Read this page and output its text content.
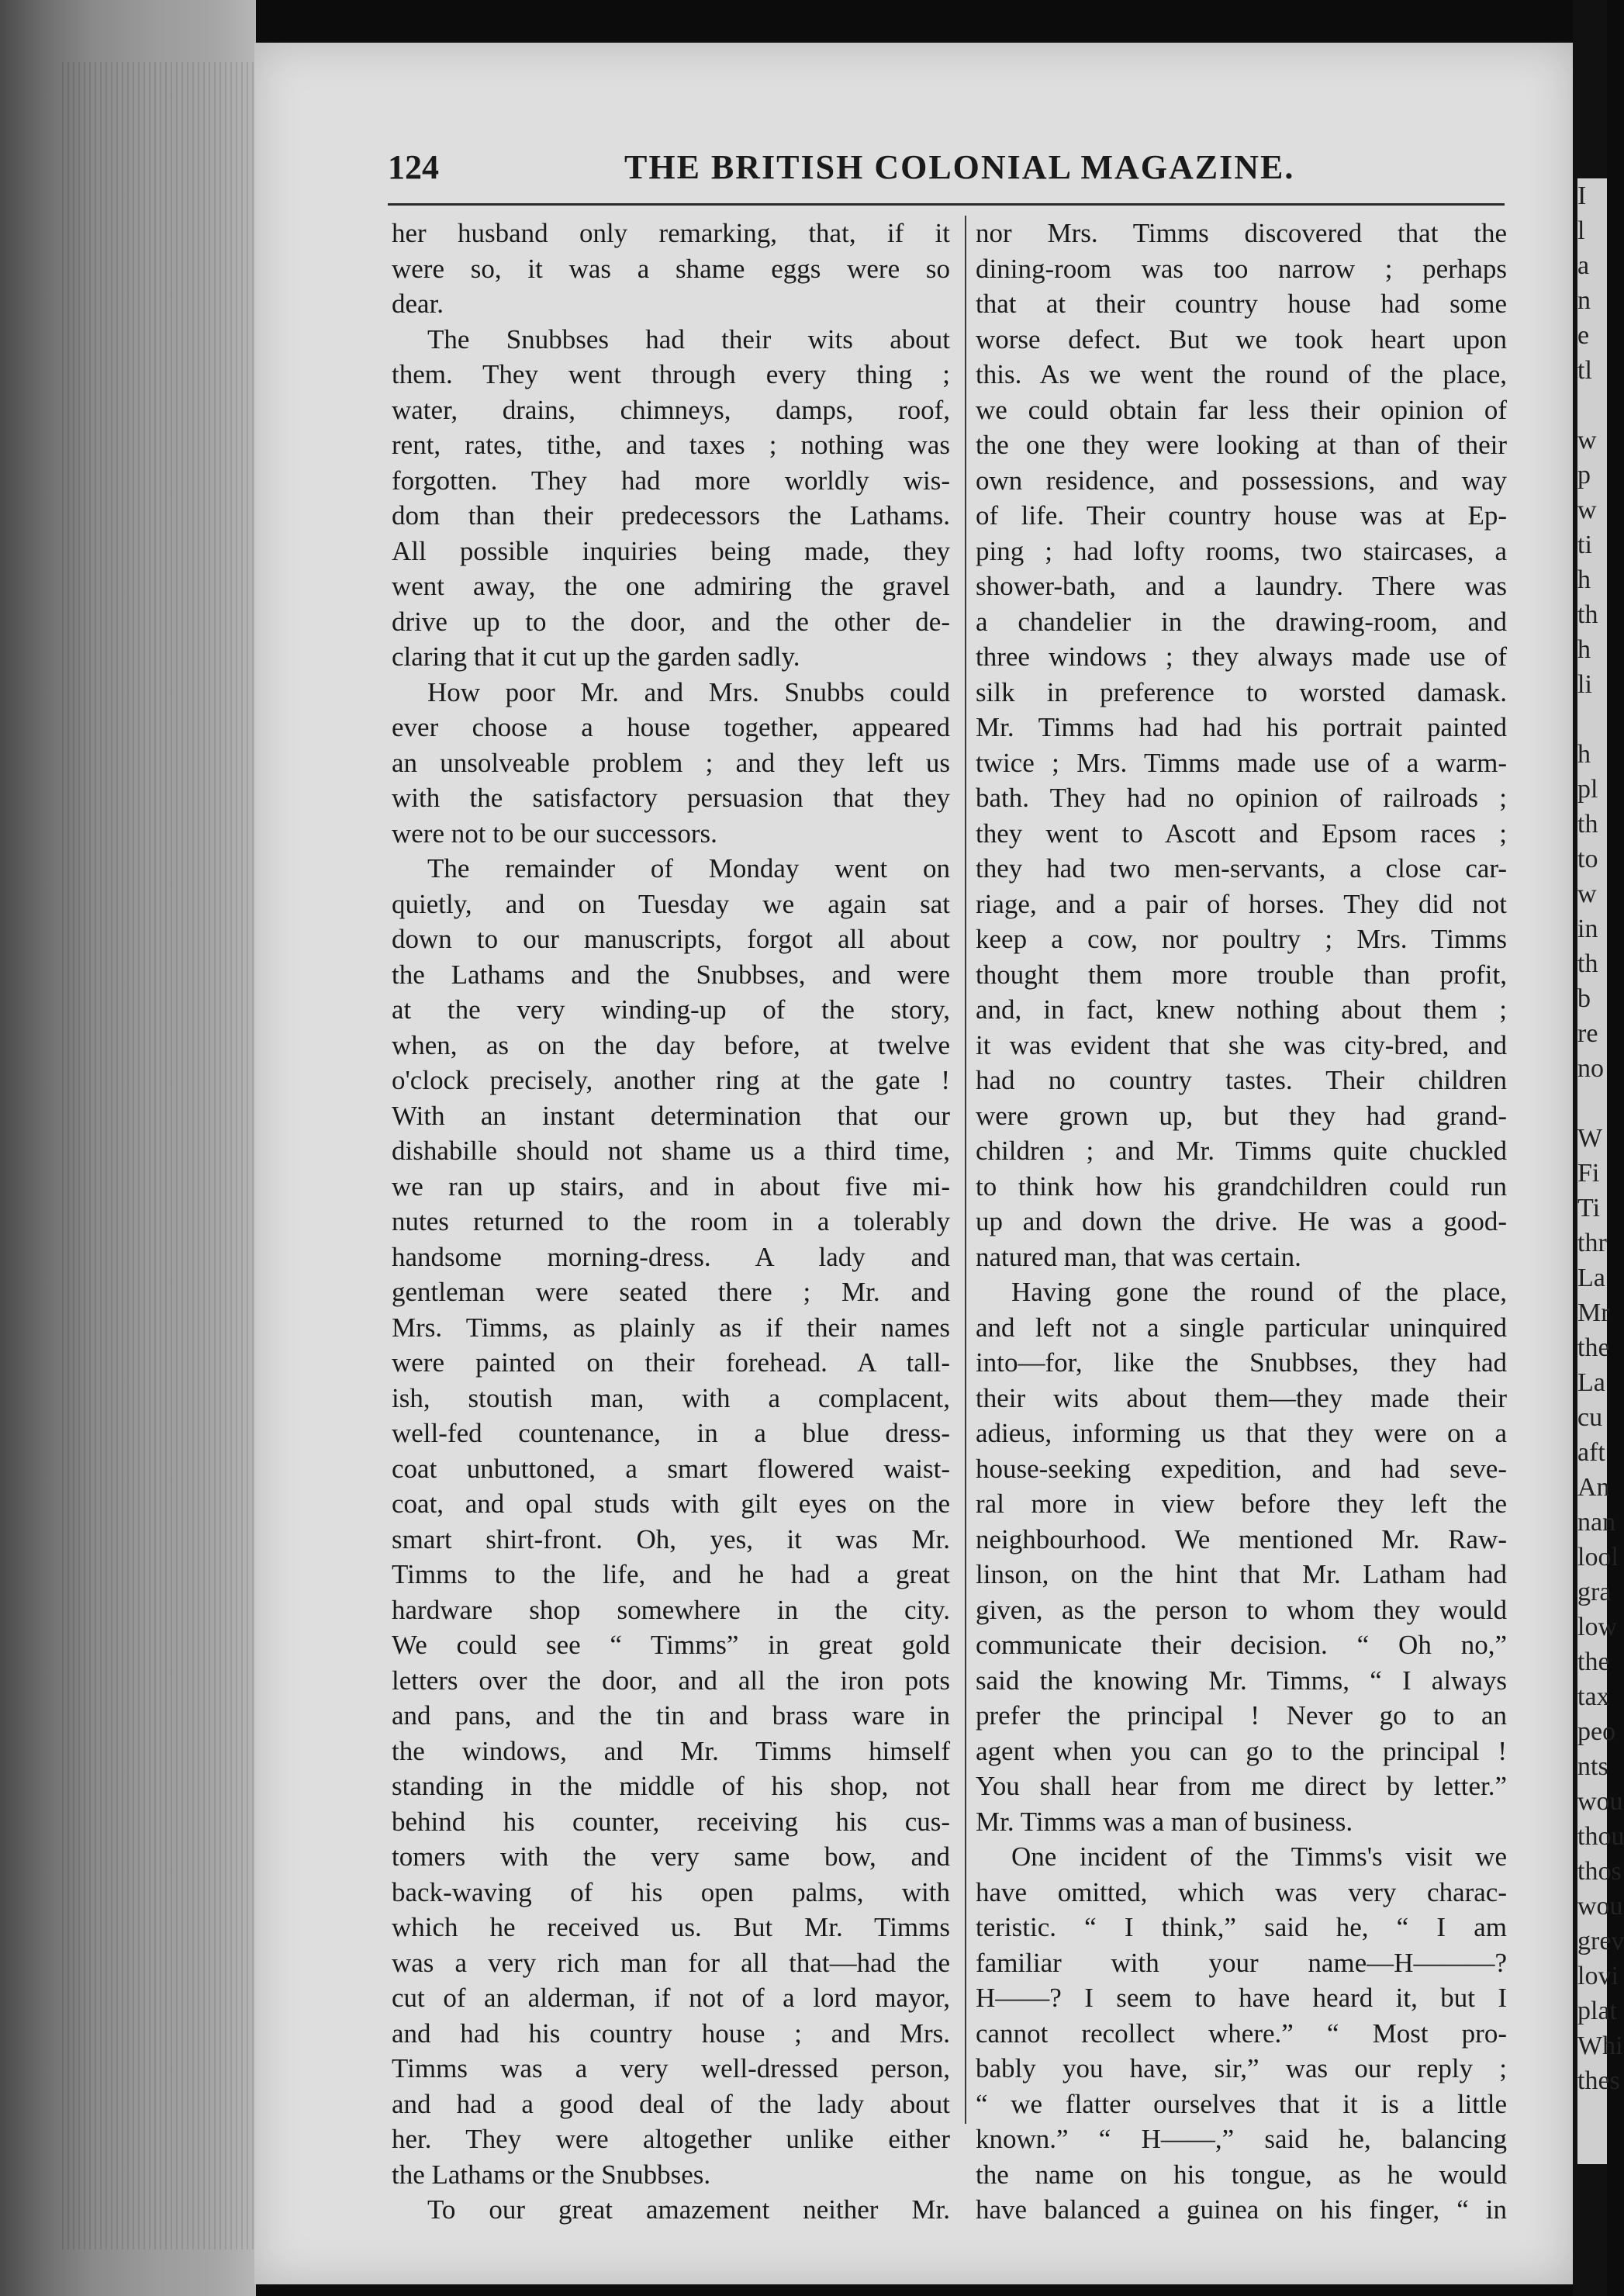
I
l
a
n
e
tl
w
p
w
ti
h
th
h
li
h
pl
th
to
w
in
th
b
re
no
W
Fi
Ti
thr
La
Mr
the
La
cu
aft
An
nan
lool
gra
low
the
tax
peo
nts
wou
thou
thos
wou
grev
lovi
plat
Whi
thes
124	THE BRITISH COLONIAL MAGAZINE.
her husband only remarking, that, if it
were so, it was a shame eggs were so
dear.
The Snubbses had their wits about
them. They went through every thing ;
water, drains, chimneys, damps, roof,
rent, rates, tithe, and taxes ; nothing was
forgotten. They had more worldly wis-
dom than their predecessors the Lathams.
All possible inquiries being made, they
went away, the one admiring the gravel
drive up to the door, and the other de-
claring that it cut up the garden sadly.
How poor Mr. and Mrs. Snubbs could
ever choose a house together, appeared
an unsolveable problem ; and they left us
with the satisfactory persuasion that they
were not to be our successors.
The remainder of Monday went on
quietly, and on Tuesday we again sat
down to our manuscripts, forgot all about
the Lathams and the Snubbses, and were
at the very winding-up of the story,
when, as on the day before, at twelve
o'clock precisely, another ring at the gate !
With an instant determination that our
dishabille should not shame us a third time,
we ran up stairs, and in about five mi-
nutes returned to the room in a tolerably
handsome morning-dress. A lady and
gentleman were seated there ; Mr. and
Mrs. Timms, as plainly as if their names
were painted on their forehead. A tall-
ish, stoutish man, with a complacent,
well-fed countenance, in a blue dress-
coat unbuttoned, a smart flowered waist-
coat, and opal studs with gilt eyes on the
smart shirt-front. Oh, yes, it was Mr.
Timms to the life, and he had a great
hardware shop somewhere in the city.
We could see “ Timms” in great gold
letters over the door, and all the iron pots
and pans, and the tin and brass ware in
the windows, and Mr. Timms himself
standing in the middle of his shop, not
behind his counter, receiving his cus-
tomers with the very same bow, and
back-waving of his open palms, with
which he received us. But Mr. Timms
was a very rich man for all that—had the
cut of an alderman, if not of a lord mayor,
and had his country house ; and Mrs.
Timms was a very well-dressed person,
and had a good deal of the lady about
her. They were altogether unlike either
the Lathams or the Snubbses.
To our great amazement neither Mr.
nor Mrs. Timms discovered that the
dining-room was too narrow ; perhaps
that at their country house had some
worse defect. But we took heart upon
this. As we went the round of the place,
we could obtain far less their opinion of
the one they were looking at than of their
own residence, and possessions, and way
of life. Their country house was at Ep-
ping ; had lofty rooms, two staircases, a
shower-bath, and a laundry. There was
a chandelier in the drawing-room, and
three windows ; they always made use of
silk in preference to worsted damask.
Mr. Timms had had his portrait painted
twice ; Mrs. Timms made use of a warm-
bath. They had no opinion of railroads ;
they went to Ascott and Epsom races ;
they had two men-servants, a close car-
riage, and a pair of horses. They did not
keep a cow, nor poultry ; Mrs. Timms
thought them more trouble than profit,
and, in fact, knew nothing about them ;
it was evident that she was city-bred, and
had no country tastes. Their children
were grown up, but they had grand-
children ; and Mr. Timms quite chuckled
to think how his grandchildren could run
up and down the drive. He was a good-
natured man, that was certain.
Having gone the round of the place,
and left not a single particular uninquired
into—for, like the Snubbses, they had
their wits about them—they made their
adieus, informing us that they were on a
house-seeking expedition, and had seve-
ral more in view before they left the
neighbourhood. We mentioned Mr. Raw-
linson, on the hint that Mr. Latham had
given, as the person to whom they would
communicate their decision. “ Oh no,”
said the knowing Mr. Timms, “ I always
prefer the principal ! Never go to an
agent when you can go to the principal !
You shall hear from me direct by letter.”
Mr. Timms was a man of business.
One incident of the Timms's visit we
have omitted, which was very charac-
teristic. “ I think,” said he, “ I am
familiar with your name—H———?
H——? I seem to have heard it, but I
cannot recollect where.” “ Most pro-
bably you have, sir,” was our reply ;
“ we flatter ourselves that it is a little
known.” “ H——,” said he, balancing
the name on his tongue, as he would
have balanced a guinea on his finger, “ in
